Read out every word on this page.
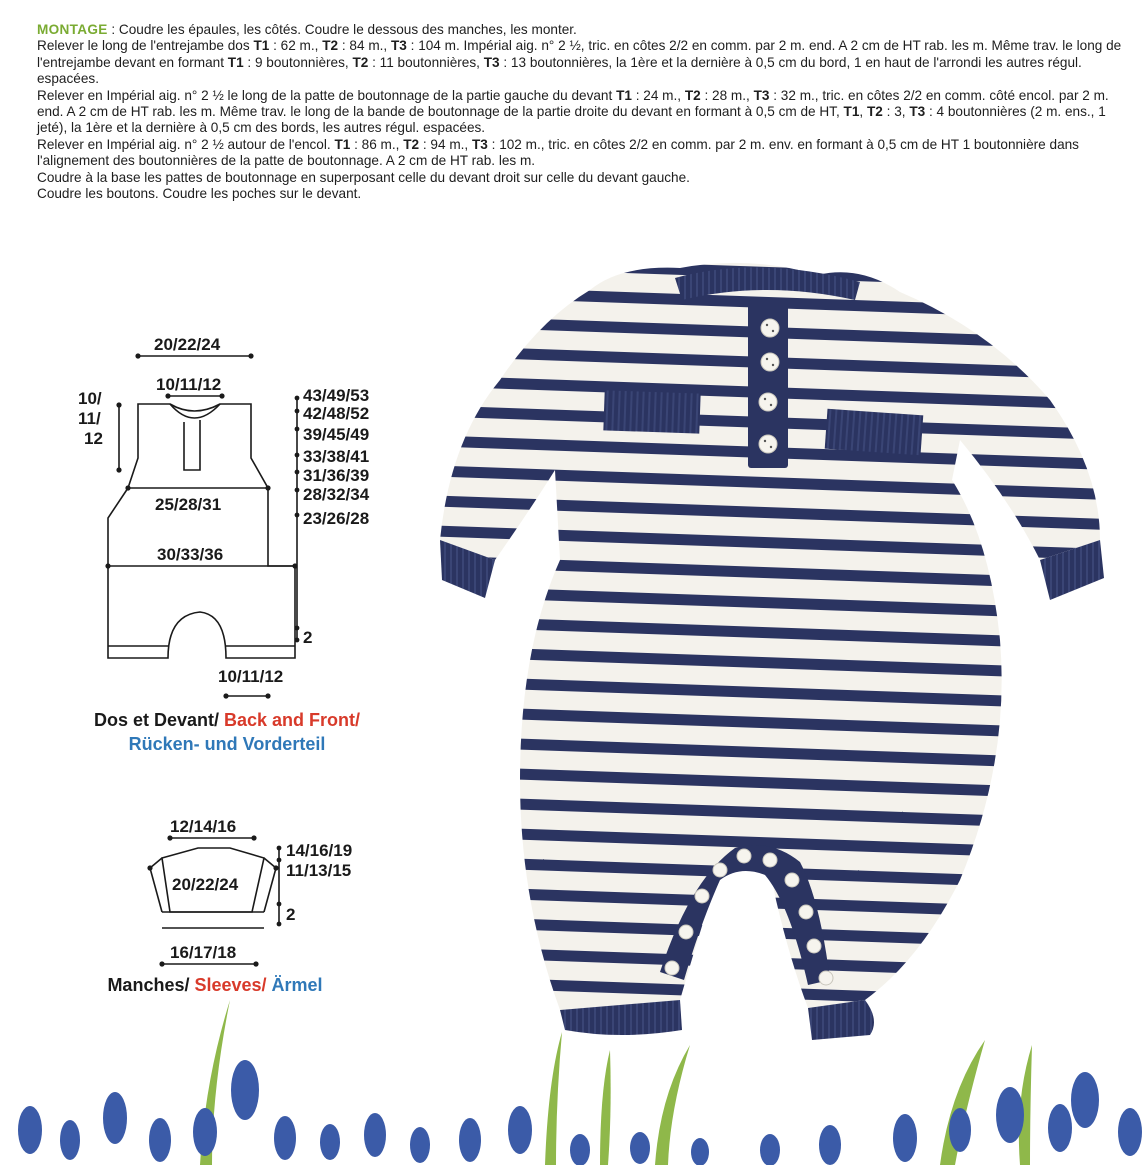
MONTAGE : Coudre les épaules, les côtés. Coudre le dessous des manches, les monter.

Relever le long de l'entrejambe dos T1 : 62 m., T2 : 84 m., T3 : 104 m. Impérial aig. n° 2 ½, tric. en côtes 2/2 en comm. par 2 m. end. A 2 cm de HT rab. les m. Même trav. le long de l'entrejambe devant en formant T1 : 9 boutonnières, T2 : 11 boutonnières, T3 : 13 boutonnières, la 1ère et la dernière à 0,5 cm du bord, 1 en haut de l'arrondi les autres régul. espacées.

Relever en Impérial aig. n° 2 ½ le long de la patte de boutonnage de la partie gauche du devant T1 : 24 m., T2 : 28 m., T3 : 32 m., tric. en côtes 2/2 en comm. côté encol. par 2 m. end. A 2 cm de HT rab. les m. Même trav. le long de la bande de boutonnage de la partie droite du devant en formant à 0,5 cm de HT, T1, T2 : 3, T3 : 4 boutonnières (2 m. ens., 1 jeté), la 1ère et la dernière à 0,5 cm des bords, les autres régul. espacées.

Relever en Impérial aig. n° 2 ½ autour de l'encol. T1 : 86 m., T2 : 94 m., T3 : 102 m., tric. en côtes 2/2 en comm. par 2 m. env. en formant à 0,5 cm de HT 1 boutonnière dans l'alignement des boutonnières de la patte de boutonnage. A 2 cm de HT rab. les m.

Coudre à la base les pattes de boutonnage en superposant celle du devant droit sur celle du devant gauche.

Coudre les boutons. Coudre les poches sur le devant.

20/22/24
10/11/12
10/
11/
12
25/28/31
30/33/36
10/11/12
43/49/53
42/48/52
39/45/49
33/38/41
31/36/39
28/32/34
23/26/28
2
12/14/16
20/22/24
16/17/18
14/16/19
11/13/15
2
Dos et Devant/ Back and Front/
Rücken- und Vorderteil
Manches/ Sleeves/ Ärmel
